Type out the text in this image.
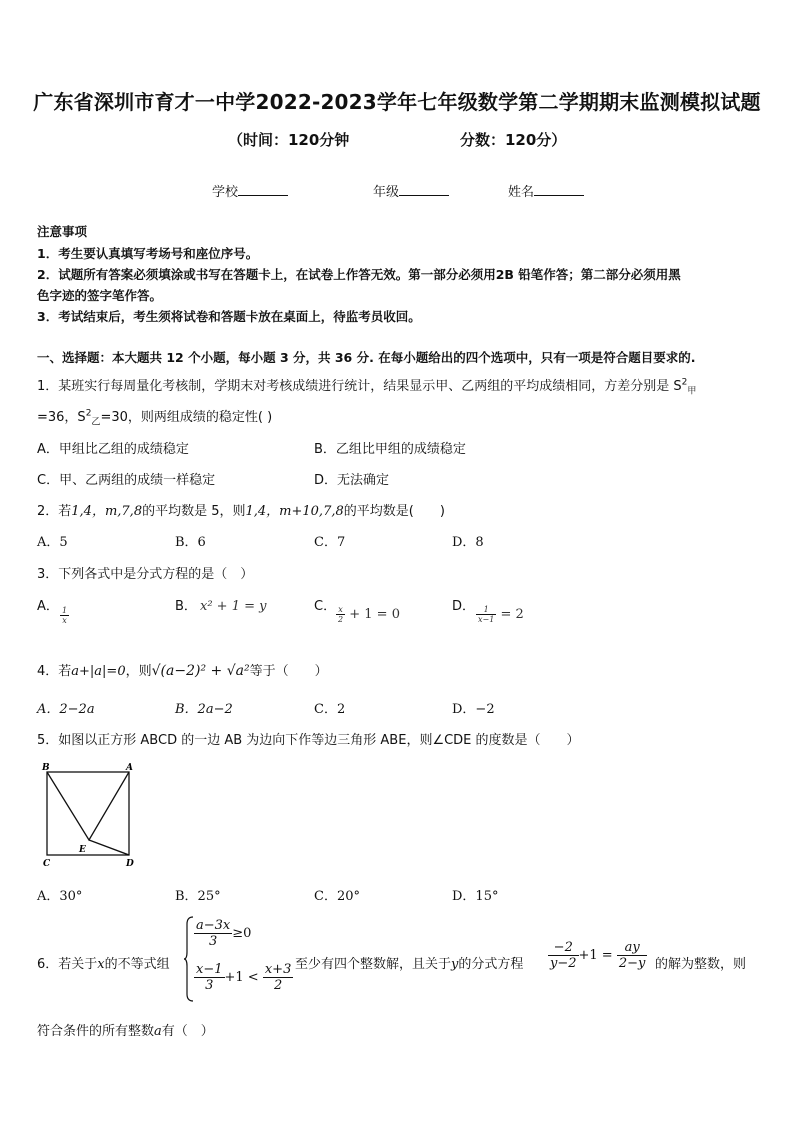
广东省深圳市育才一中学2022-2023学年七年级数学第二学期期末监测模拟试题
（时间：120分钟	分数：120分）
学校	年级	姓名
注意事项
1．考生要认真填写考场号和座位序号。
2．试题所有答案必须填涂或书写在答题卡上，在试卷上作答无效。第一部分必须用2B 铅笔作答；第二部分必须用黑
色字迹的签字笔作答。
3．考试结束后，考生须将试卷和答题卡放在桌面上，待监考员收回。
一、选择题：本大题共 12 个小题，每小题 3 分，共 36 分. 在每小题给出的四个选项中，只有一项是符合题目要求的.
1．某班实行每周量化考核制，学期末对考核成绩进行统计，结果显示甲、乙两组的平均成绩相同，方差分别是 $S^2_甲$
=36，$S^2_乙=30$，则两组成绩的稳定性( )
A．甲组比乙组的成绩稳定	B．乙组比甲组的成绩稳定
C．甲、乙两组的成绩一样稳定	D．无法确定
2．若1,4，m,7,8的平均数是 5，则1,4，m+10,7,8的平均数是(　　)
A．5	B．6	C．7	D．8
3．下列各式中是分式方程的是（　）
A． $\frac{1}{x}$	B． x² + 1 = y	C． $\frac{x}{2} + 1 = 0$
D． $\frac{1}{x-1} = 2$
4．若a+|a|=0，则√(a−2)² + √a²等于（　　）
A．2−2a	B．2a−2	C．2	D．−2
5．如图以正方形 ABCD 的一边 AB 为边向下作等边三角形 ABE，则∠CDE 的度数是（　　）
B	A
C	D
E
A．30°	B．25°	C．20°	D．15°
6．若关于x的不等式组
$\frac{a-3x}{3} \ge 0$
$\frac{x-1}{3} +1 < \frac{x+3}{2}$ 至少有四个整数解，且关于y的分式方程 $\frac{-2}{y-2} +1 = \frac{ay}{2-y}$ 的解为整数，则
符合条件的所有整数a有（　）
